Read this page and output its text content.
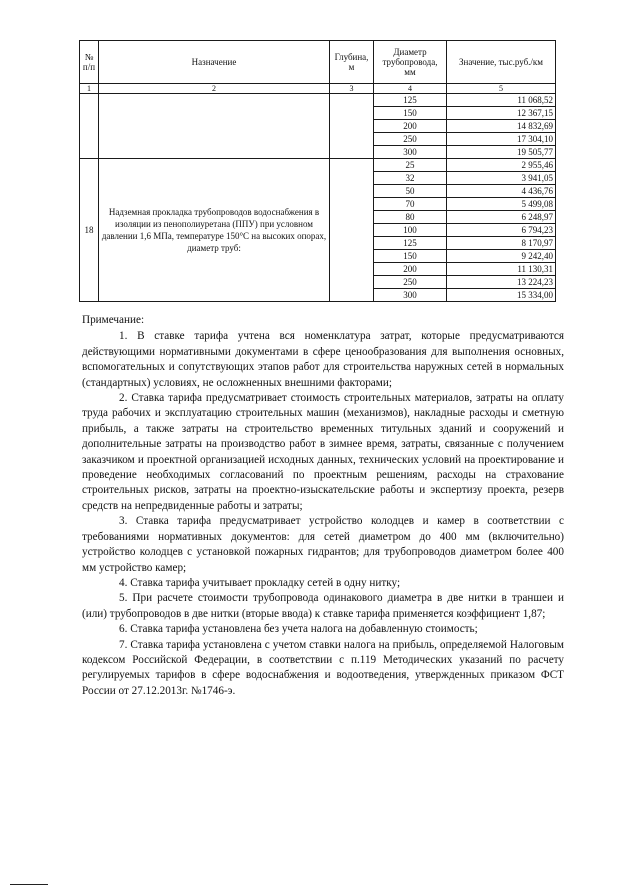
№ п/п	Назначение	Глубина, м	Диаметр трубопровода, мм	Значение, тыс.руб./км
1	2	3	4	5
			125	11 068,52
			150	12 367,15
			200	14 832,69
			250	17 304,10
			300	19 505,77
18	Надземная прокладка трубопроводов водоснабжения в изоляции из пенополиуретана (ППУ) при условном давлении 1,6 МПа, температуре 150°С на высоких опорах, диаметр труб:		25	2 955,46
			32	3 941,05
			50	4 436,76
			70	5 499,08
			80	6 248,97
			100	6 794,23
			125	8 170,97
			150	9 242,40
			200	11 130,31
			250	13 224,23
			300	15 334,00
Примечание:

1. В ставке тарифа учтена вся номенклатура затрат, которые предусматриваются действующими нормативными документами в сфере ценообразования для выполнения основных, вспомогательных и сопутствующих этапов работ для строительства наружных сетей в нормальных (стандартных) условиях, не осложненных внешними факторами;

2. Ставка тарифа предусматривает стоимость строительных материалов, затраты на оплату труда рабочих и эксплуатацию строительных машин (механизмов), накладные расходы и сметную прибыль, а также затраты на строительство временных титульных зданий и сооружений и дополнительные затраты на производство работ в зимнее время, затраты, связанные с получением заказчиком и проектной организацией исходных данных, технических условий на проектирование и проведение необходимых согласований по проектным решениям, расходы на страхование строительных рисков, затраты на проектно-изыскательские работы и экспертизу проекта, резерв средств на непредвиденные работы и затраты;

3. Ставка тарифа предусматривает устройство колодцев и камер в соответствии с требованиями нормативных документов: для сетей диаметром до 400 мм (включительно) устройство колодцев с установкой пожарных гидрантов; для трубопроводов диаметром более 400 мм устройство камер;

4. Ставка тарифа учитывает прокладку сетей в одну нитку;

5. При расчете стоимости трубопровода одинакового диаметра в две нитки в траншеи и (или) трубопроводов в две нитки (вторые ввода) к ставке тарифа применяется коэффициент 1,87;

6. Ставка тарифа установлена без учета налога на добавленную стоимость;

7. Ставка тарифа установлена с учетом ставки налога на прибыль, определяемой Налоговым кодексом Российской Федерации, в соответствии с п.119 Методических указаний по расчету регулируемых тарифов в сфере водоснабжения и водоотведения, утвержденных приказом ФСТ России от 27.12.2013г. №1746-э.
